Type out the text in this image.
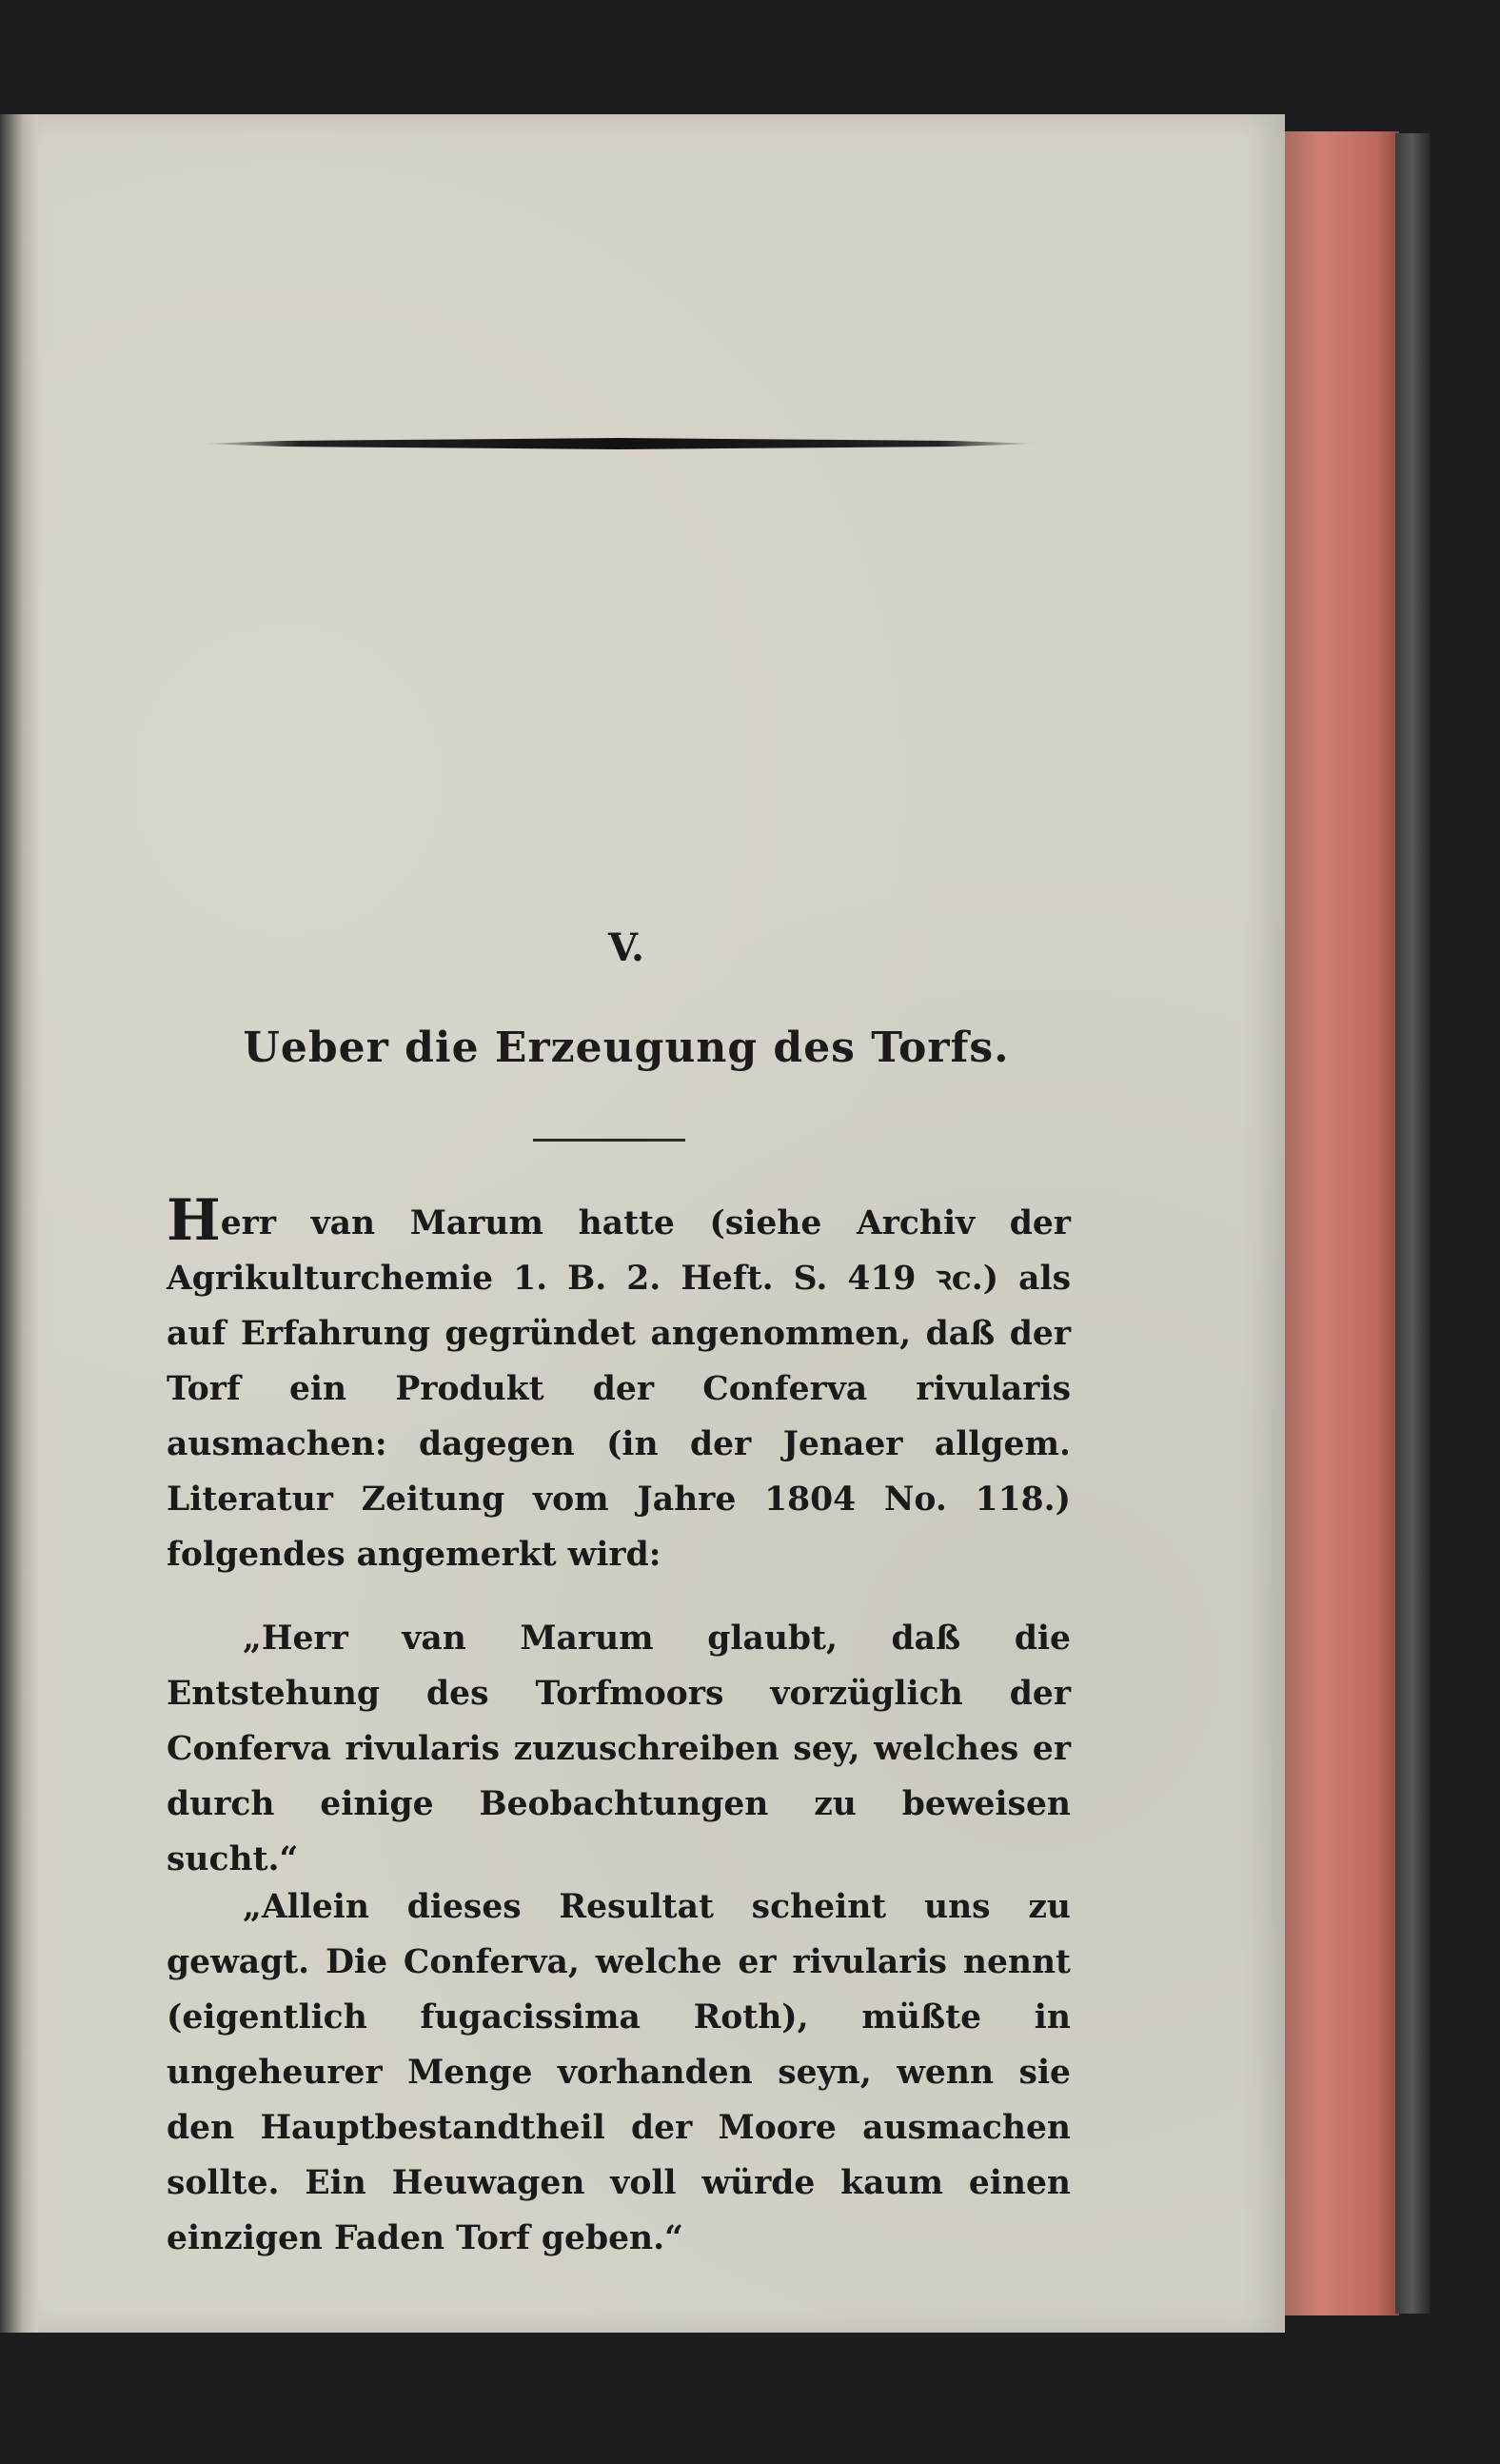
V.
Ueber die Erzeugung des Torfs.

Herr van Marum hatte (siehe Archiv der Agrikulturchemie 1. B. 2. Heft. S. 419 ꝛc.) als auf Erfahrung gegründet angenommen, daß der Torf ein Produkt der Conferva rivularis ausmachen: dagegen (in der Jenaer allgem. Literatur Zeitung vom Jahre 1804 No. 118.) folgendes angemerkt wird:

„Herr van Marum glaubt, daß die Entstehung des Torfmoors vorzüglich der Conferva rivularis zuzuschreiben sey, welches er durch einige Beobachtungen zu beweisen sucht.“

„Allein dieses Resultat scheint uns zu gewagt. Die Conferva, welche er rivularis nennt (eigentlich fugacissima Roth), müßte in ungeheurer Menge vorhanden seyn, wenn sie den Hauptbestandtheil der Moore ausmachen sollte. Ein Heuwagen voll würde kaum einen einzigen Faden Torf geben.“
